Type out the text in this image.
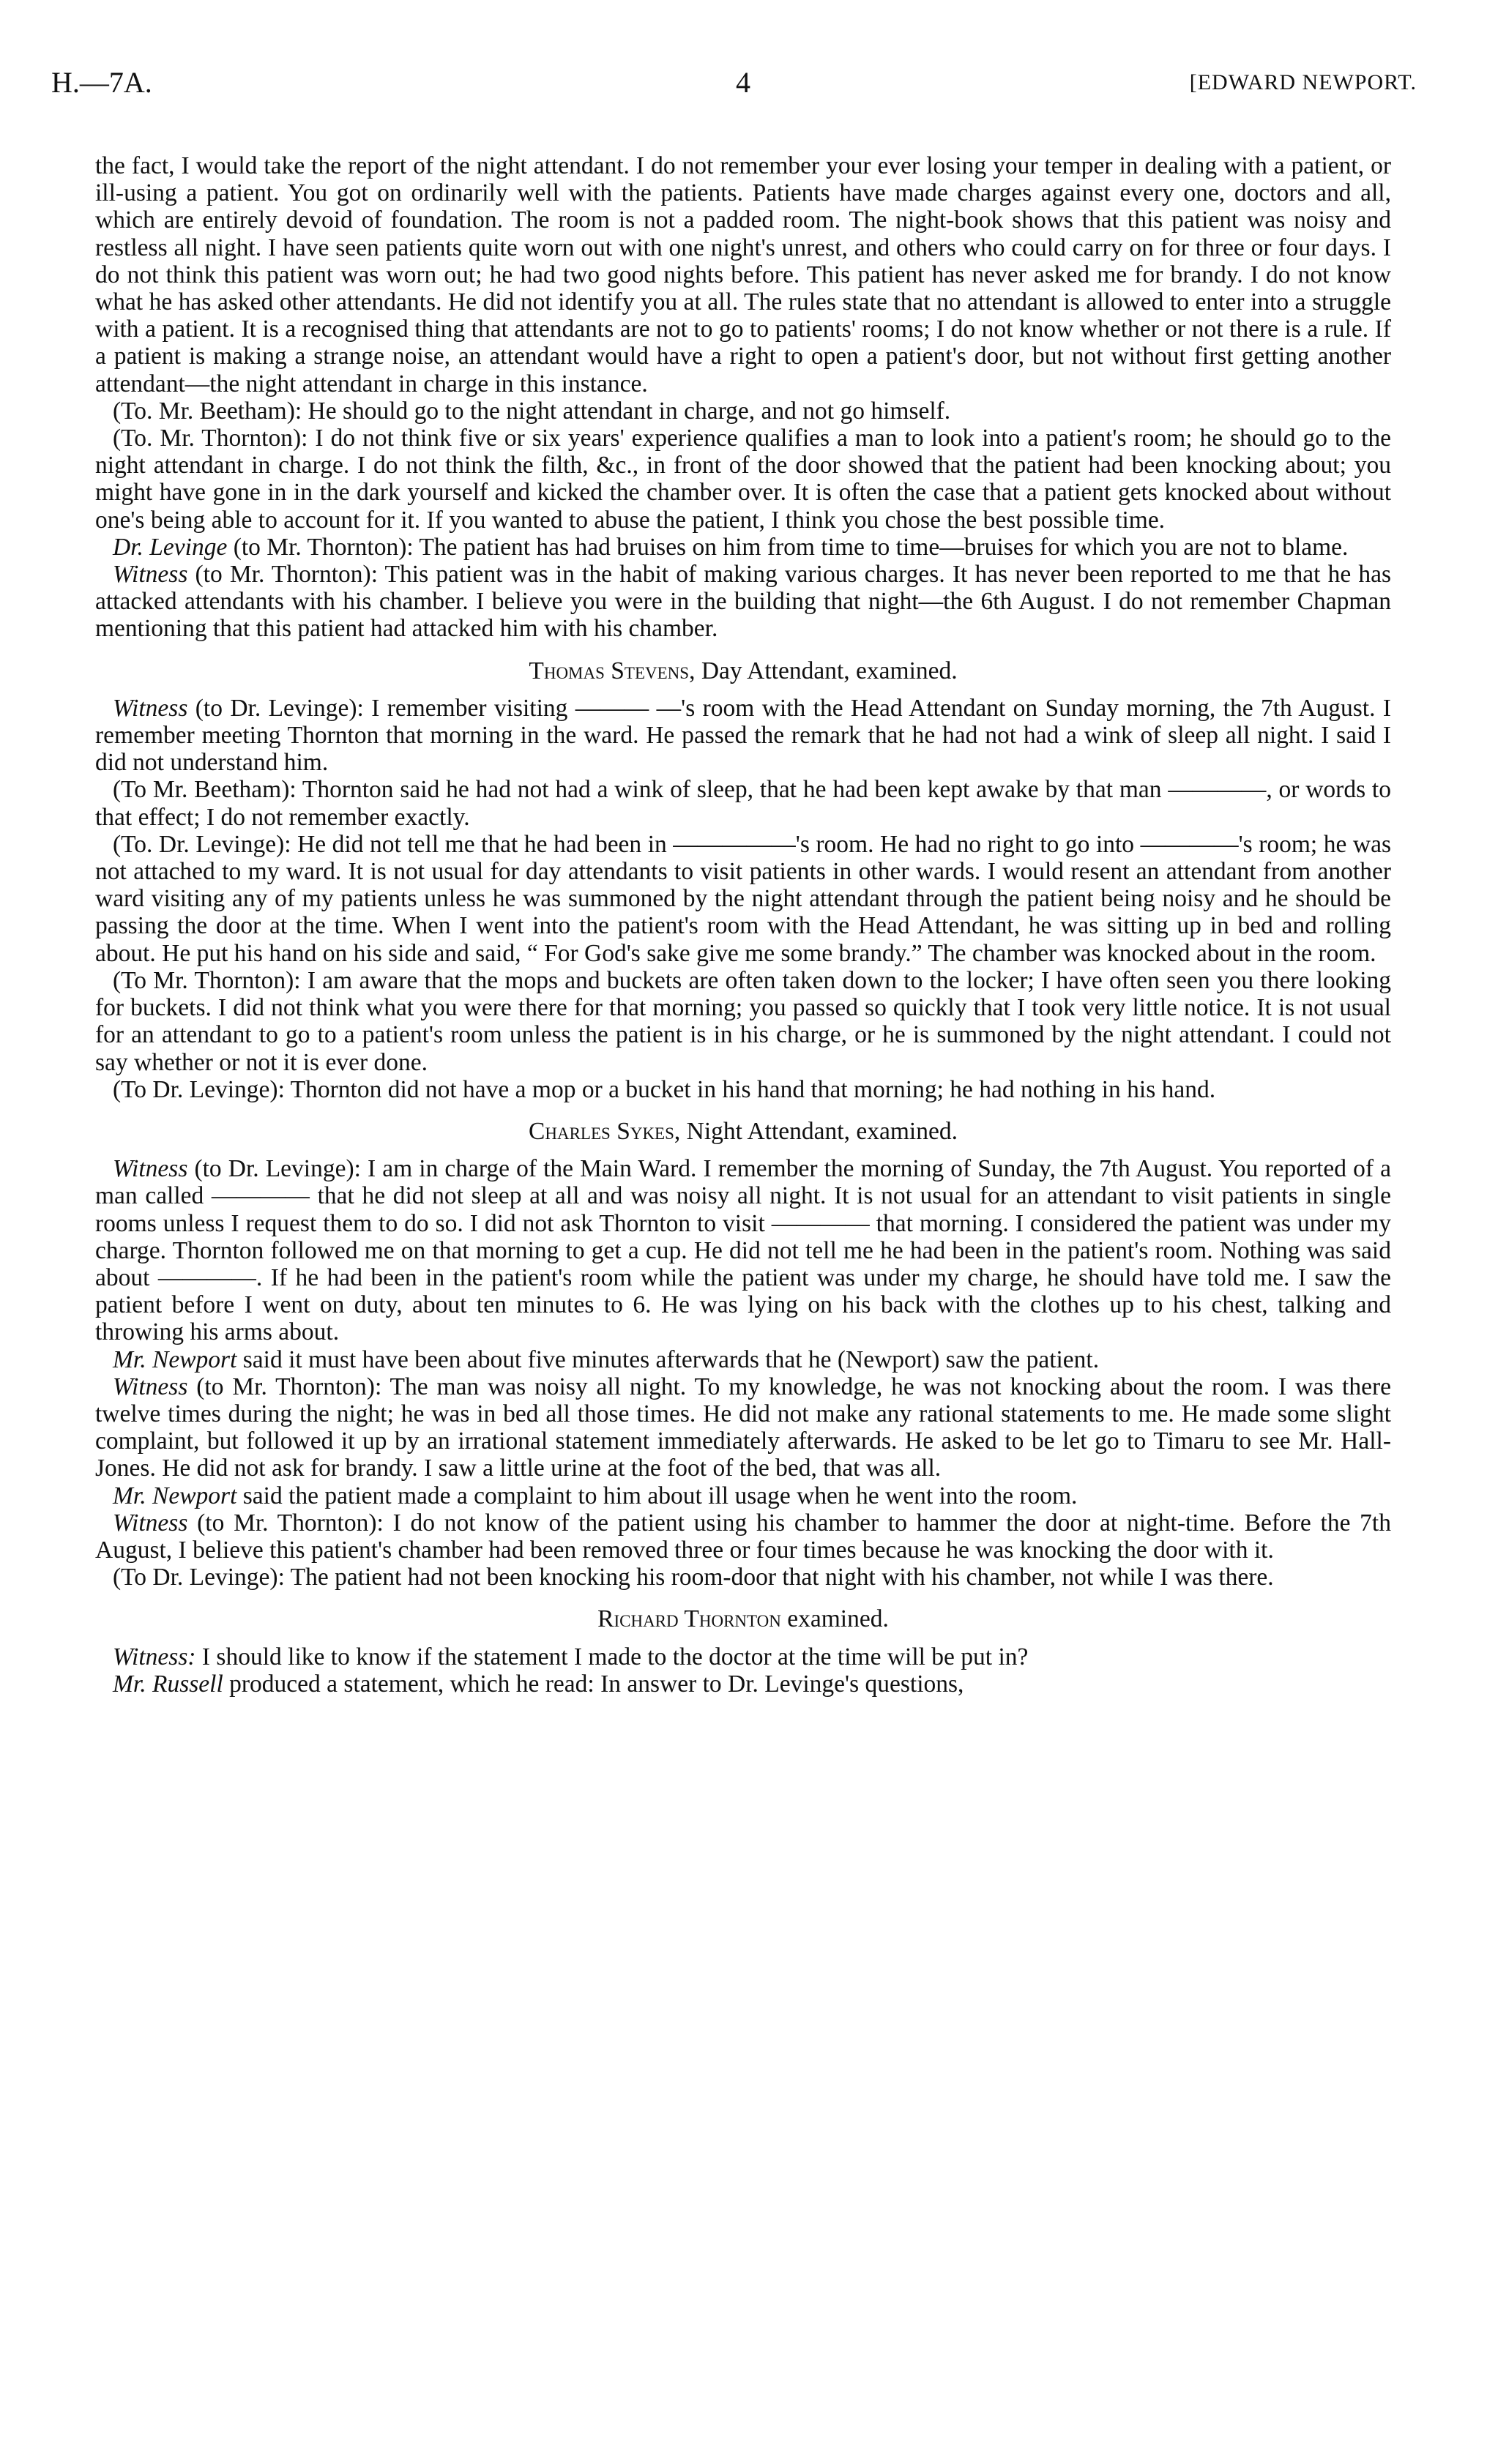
H.—7A.	4	[EDWARD NEWPORT.

the fact, I would take the report of the night attendant. I do not remember your ever losing your temper in dealing with a patient, or ill-using a patient. You got on ordinarily well with the patients. Patients have made charges against every one, doctors and all, which are entirely devoid of foundation. The room is not a padded room. The night-book shows that this patient was noisy and restless all night. I have seen patients quite worn out with one night's unrest, and others who could carry on for three or four days. I do not think this patient was worn out; he had two good nights before. This patient has never asked me for brandy. I do not know what he has asked other attendants. He did not identify you at all. The rules state that no attendant is allowed to enter into a struggle with a patient. It is a recognised thing that attendants are not to go to patients' rooms; I do not know whether or not there is a rule. If a patient is making a strange noise, an attendant would have a right to open a patient's door, but not without first getting another attendant—the night attendant in charge in this instance.

(To. Mr. Beetham): He should go to the night attendant in charge, and not go himself.

(To. Mr. Thornton): I do not think five or six years' experience qualifies a man to look into a patient's room; he should go to the night attendant in charge. I do not think the filth, &c., in front of the door showed that the patient had been knocking about; you might have gone in in the dark yourself and kicked the chamber over. It is often the case that a patient gets knocked about without one's being able to account for it. If you wanted to abuse the patient, I think you chose the best possible time.

Dr. Levinge (to Mr. Thornton): The patient has had bruises on him from time to time—bruises for which you are not to blame.

Witness (to Mr. Thornton): This patient was in the habit of making various charges. It has never been reported to me that he has attacked attendants with his chamber. I believe you were in the building that night—the 6th August. I do not remember Chapman mentioning that this patient had attacked him with his chamber.

Thomas Stevens, Day Attendant, examined.

Witness (to Dr. Levinge): I remember visiting ——— —'s room with the Head Attendant on Sunday morning, the 7th August. I remember meeting Thornton that morning in the ward. He passed the remark that he had not had a wink of sleep all night. I said I did not understand him.

(To Mr. Beetham): Thornton said he had not had a wink of sleep, that he had been kept awake by that man ————, or words to that effect; I do not remember exactly.

(To. Dr. Levinge): He did not tell me that he had been in —————'s room. He had no right to go into ————'s room; he was not attached to my ward. It is not usual for day attendants to visit patients in other wards. I would resent an attendant from another ward visiting any of my patients unless he was summoned by the night attendant through the patient being noisy and he should be passing the door at the time. When I went into the patient's room with the Head Attendant, he was sitting up in bed and rolling about. He put his hand on his side and said, “ For God's sake give me some brandy.” The chamber was knocked about in the room.

(To Mr. Thornton): I am aware that the mops and buckets are often taken down to the locker; I have often seen you there looking for buckets. I did not think what you were there for that morning; you passed so quickly that I took very little notice. It is not usual for an attendant to go to a patient's room unless the patient is in his charge, or he is summoned by the night attendant. I could not say whether or not it is ever done.

(To Dr. Levinge): Thornton did not have a mop or a bucket in his hand that morning; he had nothing in his hand.

Charles Sykes, Night Attendant, examined.

Witness (to Dr. Levinge): I am in charge of the Main Ward. I remember the morning of Sunday, the 7th August. You reported of a man called ———— that he did not sleep at all and was noisy all night. It is not usual for an attendant to visit patients in single rooms unless I request them to do so. I did not ask Thornton to visit ———— that morning. I considered the patient was under my charge. Thornton followed me on that morning to get a cup. He did not tell me he had been in the patient's room. Nothing was said about ————. If he had been in the patient's room while the patient was under my charge, he should have told me. I saw the patient before I went on duty, about ten minutes to 6. He was lying on his back with the clothes up to his chest, talking and throwing his arms about.

Mr. Newport said it must have been about five minutes afterwards that he (Newport) saw the patient.

Witness (to Mr. Thornton): The man was noisy all night. To my knowledge, he was not knocking about the room. I was there twelve times during the night; he was in bed all those times. He did not make any rational statements to me. He made some slight complaint, but followed it up by an irrational statement immediately afterwards. He asked to be let go to Timaru to see Mr. Hall-Jones. He did not ask for brandy. I saw a little urine at the foot of the bed, that was all.

Mr. Newport said the patient made a complaint to him about ill usage when he went into the room.

Witness (to Mr. Thornton): I do not know of the patient using his chamber to hammer the door at night-time. Before the 7th August, I believe this patient's chamber had been removed three or four times because he was knocking the door with it.

(To Dr. Levinge): The patient had not been knocking his room-door that night with his chamber, not while I was there.

Richard Thornton examined.

Witness: I should like to know if the statement I made to the doctor at the time will be put in?

Mr. Russell produced a statement, which he read: In answer to Dr. Levinge's questions,
